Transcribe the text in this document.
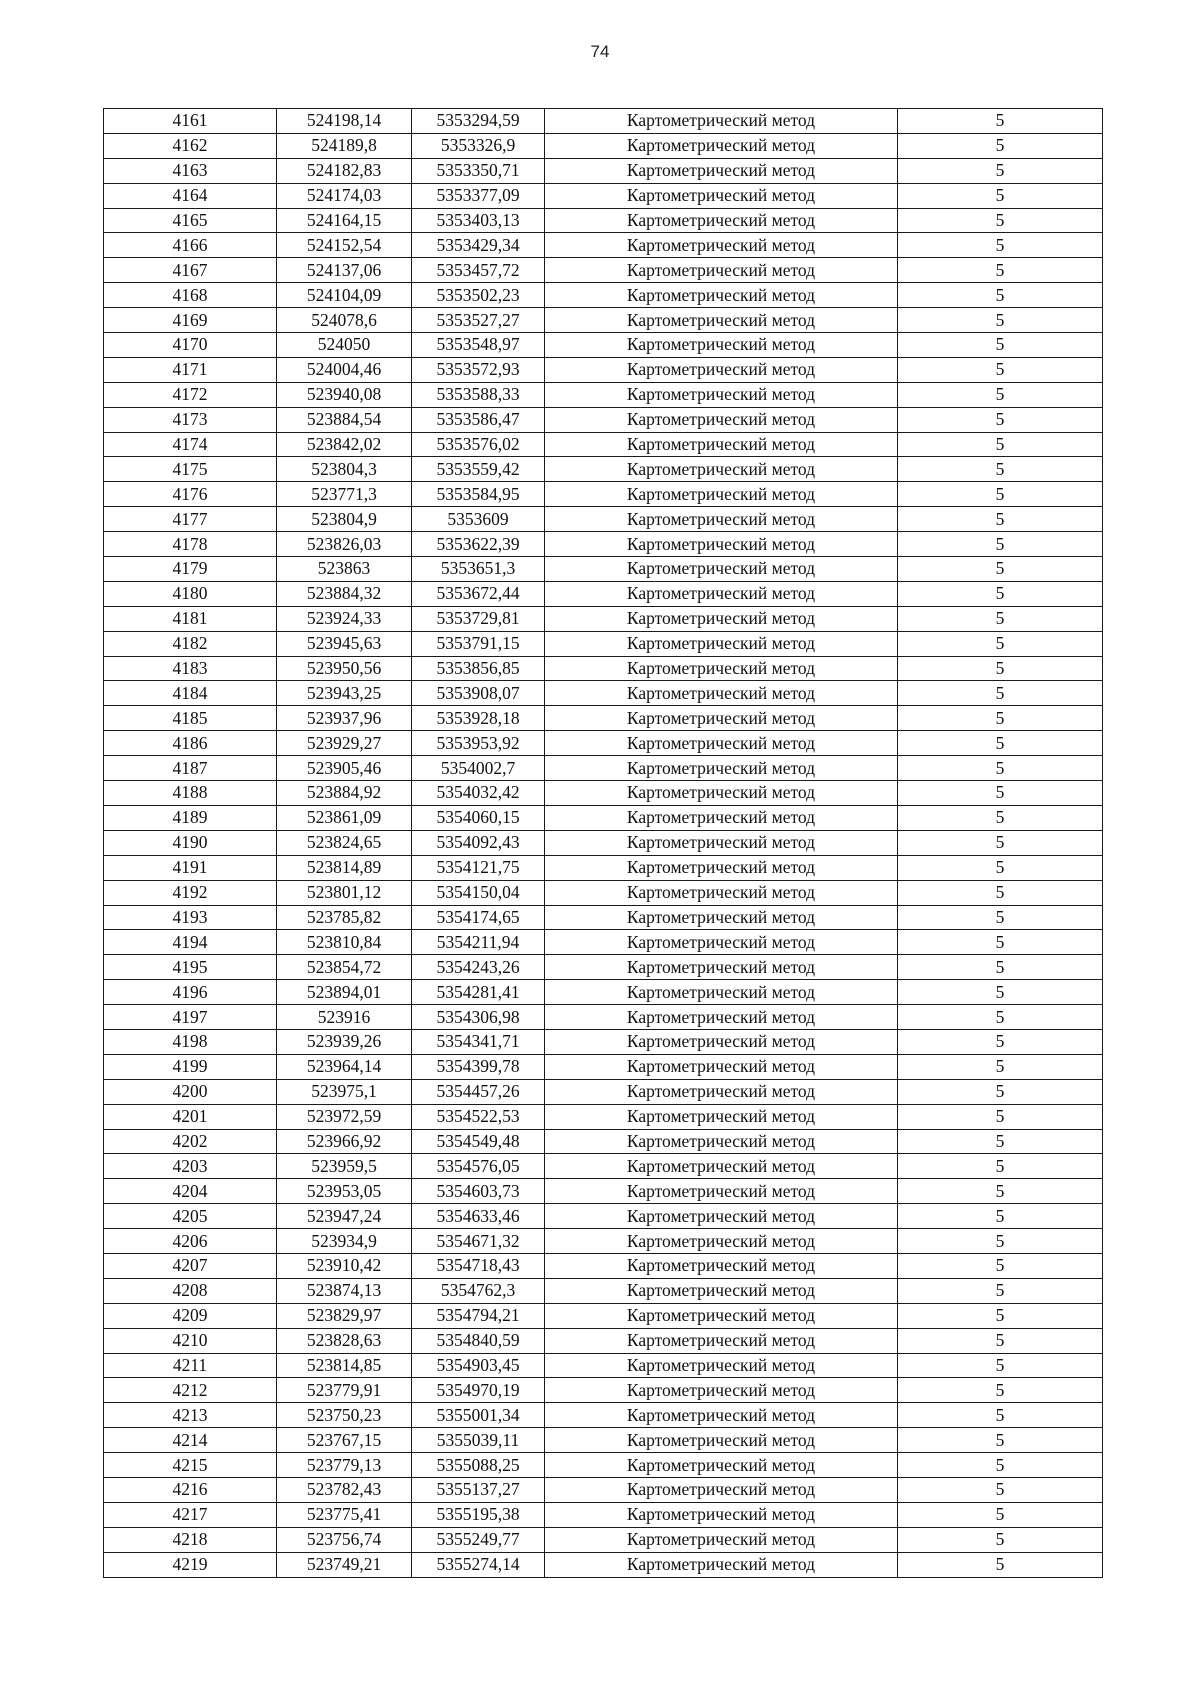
74
4161	524198,14	5353294,59	Картометрический метод	5
4162	524189,8	5353326,9	Картометрический метод	5
4163	524182,83	5353350,71	Картометрический метод	5
4164	524174,03	5353377,09	Картометрический метод	5
4165	524164,15	5353403,13	Картометрический метод	5
4166	524152,54	5353429,34	Картометрический метод	5
4167	524137,06	5353457,72	Картометрический метод	5
4168	524104,09	5353502,23	Картометрический метод	5
4169	524078,6	5353527,27	Картометрический метод	5
4170	524050	5353548,97	Картометрический метод	5
4171	524004,46	5353572,93	Картометрический метод	5
4172	523940,08	5353588,33	Картометрический метод	5
4173	523884,54	5353586,47	Картометрический метод	5
4174	523842,02	5353576,02	Картометрический метод	5
4175	523804,3	5353559,42	Картометрический метод	5
4176	523771,3	5353584,95	Картометрический метод	5
4177	523804,9	5353609	Картометрический метод	5
4178	523826,03	5353622,39	Картометрический метод	5
4179	523863	5353651,3	Картометрический метод	5
4180	523884,32	5353672,44	Картометрический метод	5
4181	523924,33	5353729,81	Картометрический метод	5
4182	523945,63	5353791,15	Картометрический метод	5
4183	523950,56	5353856,85	Картометрический метод	5
4184	523943,25	5353908,07	Картометрический метод	5
4185	523937,96	5353928,18	Картометрический метод	5
4186	523929,27	5353953,92	Картометрический метод	5
4187	523905,46	5354002,7	Картометрический метод	5
4188	523884,92	5354032,42	Картометрический метод	5
4189	523861,09	5354060,15	Картометрический метод	5
4190	523824,65	5354092,43	Картометрический метод	5
4191	523814,89	5354121,75	Картометрический метод	5
4192	523801,12	5354150,04	Картометрический метод	5
4193	523785,82	5354174,65	Картометрический метод	5
4194	523810,84	5354211,94	Картометрический метод	5
4195	523854,72	5354243,26	Картометрический метод	5
4196	523894,01	5354281,41	Картометрический метод	5
4197	523916	5354306,98	Картометрический метод	5
4198	523939,26	5354341,71	Картометрический метод	5
4199	523964,14	5354399,78	Картометрический метод	5
4200	523975,1	5354457,26	Картометрический метод	5
4201	523972,59	5354522,53	Картометрический метод	5
4202	523966,92	5354549,48	Картометрический метод	5
4203	523959,5	5354576,05	Картометрический метод	5
4204	523953,05	5354603,73	Картометрический метод	5
4205	523947,24	5354633,46	Картометрический метод	5
4206	523934,9	5354671,32	Картометрический метод	5
4207	523910,42	5354718,43	Картометрический метод	5
4208	523874,13	5354762,3	Картометрический метод	5
4209	523829,97	5354794,21	Картометрический метод	5
4210	523828,63	5354840,59	Картометрический метод	5
4211	523814,85	5354903,45	Картометрический метод	5
4212	523779,91	5354970,19	Картометрический метод	5
4213	523750,23	5355001,34	Картометрический метод	5
4214	523767,15	5355039,11	Картометрический метод	5
4215	523779,13	5355088,25	Картометрический метод	5
4216	523782,43	5355137,27	Картометрический метод	5
4217	523775,41	5355195,38	Картометрический метод	5
4218	523756,74	5355249,77	Картометрический метод	5
4219	523749,21	5355274,14	Картометрический метод	5
